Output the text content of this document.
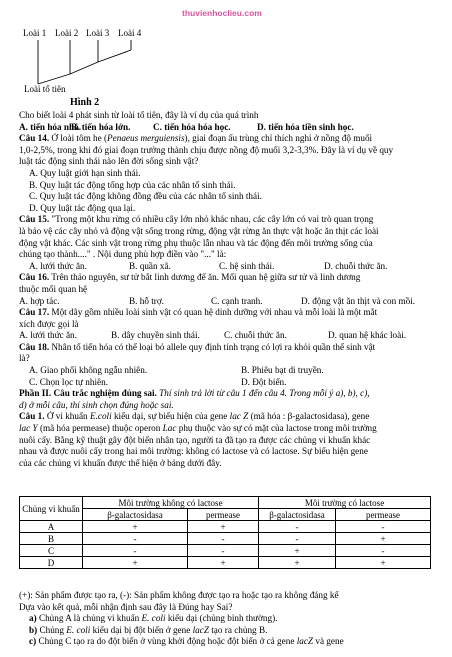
thuvienhoclieu.com
Loài 1 Loài 2 Loài 3 Loài 4
Loài tổ tiên
Hình 2
Cho biết loài 4 phát sinh từ loài tổ tiên, đây là ví dụ của quá trình
A. tiến hóa nhỏ.
B. tiến hóa lớn.	C. tiến hóa hóa học.	D. tiến hóa tiền sinh học.
Câu 14. Ở loài tôm he (Penaeus merguiensis), giai đoạn ấu trùng chỉ thích nghi ở nồng độ muối
1,0-2,5%, trong khi đó giai đoạn trưởng thành chịu được nồng độ muối 3,2-3,3%. Đây là ví dụ về quy
luật tác động sinh thái nào lên đời sống sinh vật?
A. Quy luật giới hạn sinh thái.
B. Quy luật tác động tổng hợp của các nhân tố sinh thái.
C. Quy luật tác động không đồng đều của các nhân tố sinh thái.
D. Quy luật tác động qua lại.
Câu 15. "Trong một khu rừng có nhiều cây lớn nhỏ khác nhau, các cây lớn có vai trò quan trọng
là bảo vệ các cây nhỏ và động vật sống trong rừng, động vật rừng ăn thực vật hoặc ăn thịt các loài
động vật khác. Các sinh vật trong rừng phụ thuộc lẫn nhau và tác động đến môi trường sống của
chúng tạo thành...." . Nội dung phù hợp điền vào "..." là:
A. lưới thức ăn.	B. quần xã.	C. hệ sinh thái.	D. chuỗi thức ăn.
Câu 16. Trên thảo nguyên, sư tử bắt linh dương để ăn. Mối quan hệ giữa sư tử và linh dương
thuộc mối quan hệ
A. hợp tác.	B. hỗ trợ.	C. cạnh tranh.	D. động vật ăn thịt và con mồi.
Câu 17. Một dãy gồm nhiều loài sinh vật có quan hệ dinh dưỡng với nhau và mỗi loài là một mắt
xích được gọi là
A. lưới thức ăn.	B. dây chuyền sinh thái.	C. chuỗi thức ăn.	D. quan hệ khác loài.
Câu 18. Nhân tố tiến hóa có thể loại bỏ allele quy định tính trạng có lợi ra khỏi quần thể sinh vật
là?
A. Giao phối không ngẫu nhiên.	B. Phiêu bạt di truyền.
C. Chọn lọc tự nhiên.	D. Đột biến.
Phần II. Câu trắc nghiệm đúng sai. Thí sinh trả lời từ câu 1 đến câu 4. Trong mỗi ý a), b), c),
d) ở mỗi câu, thí sinh chọn đúng hoặc sai.
Câu 1. Ở vi khuẩn E.coli kiểu dại, sự biểu hiện của gene lac Z (mã hóa : β-galactosidasa), gene
lac Y (mã hóa permease) thuộc operon Lac phụ thuộc vào sự có mặt của lactose trong môi trường
nuôi cấy. Bằng kỹ thuật gây đột biến nhân tạo, người ta đã tạo ra được các chủng vi khuẩn khác
nhau và được nuôi cấy trong hai môi trường: không có lactose và có lactose. Sự biểu hiện gene
của các chủng vi khuẩn được thể hiện ở bảng dưới đây.
Chủng vi khuẩn	Môi trường không có lactose		Môi trường có lactose	
	β-galactosidasa	permease	β-galactosidasa	permease
A	+	+	-	-
B	-	-	-	+
C	-	-	+	-
D	+	+	+	+
(+): Sản phẩm được tạo ra, (-): Sản phẩm không được tạo ra hoặc tạo ra không đáng kể
Dựa vào kết quả, mỗi nhận định sau đây là Đúng hay Sai?
a) Chủng A là chủng vi khuẩn E. coli kiểu dại (chủng bình thường).
b) Chủng E. coli kiểu dại bị đột biến ở gene lacZ tạo ra chủng B.
c) Chủng C tạo ra do đột biến ở vùng khởi động hoặc đột biến ở cả gene lacZ và gene
